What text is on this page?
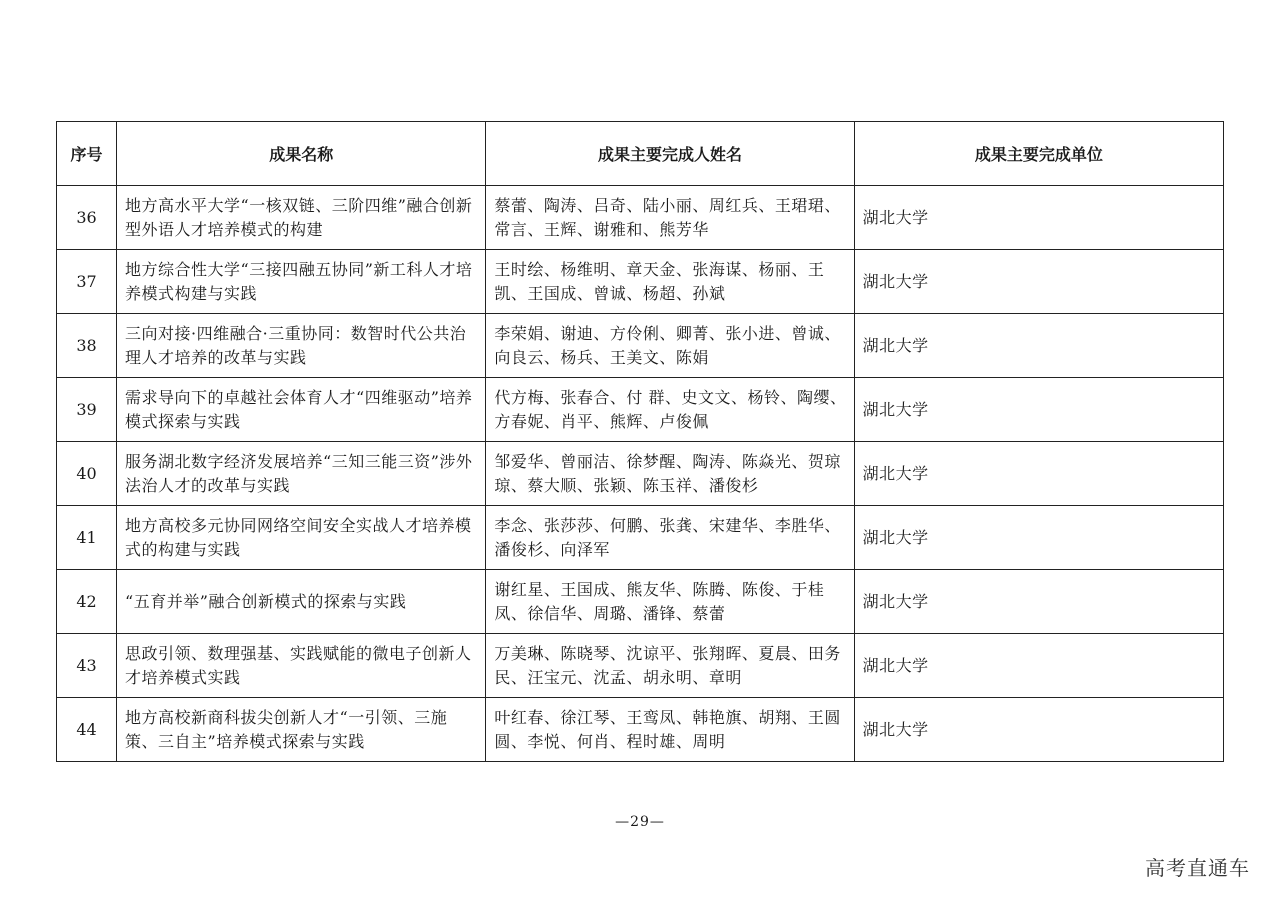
序号	成果名称	成果主要完成人姓名	成果主要完成单位
36	地方高水平大学“一核双链、三阶四维”融合创新型外语人才培养模式的构建	蔡蕾、陶涛、吕奇、陆小丽、周红兵、王珺珺、常言、王辉、谢雅和、熊芳华	湖北大学
37	地方综合性大学“三接四融五协同”新工科人才培养模式构建与实践	王时绘、杨维明、章天金、张海谋、杨丽、王凯、王国成、曾诚、杨超、孙斌	湖北大学
38	三向对接·四维融合·三重协同：数智时代公共治理人才培养的改革与实践	李荣娟、谢迪、方伶俐、卿菁、张小进、曾诚、向良云、杨兵、王美文、陈娟	湖北大学
39	需求导向下的卓越社会体育人才“四维驱动”培养模式探索与实践	代方梅、张春合、付 群、史文文、杨铃、陶缨、方春妮、肖平、熊辉、卢俊佩	湖北大学
40	服务湖北数字经济发展培养“三知三能三资”涉外法治人才的改革与实践	邹爱华、曾丽洁、徐梦醒、陶涛、陈焱光、贺琼琼、蔡大顺、张颖、陈玉祥、潘俊杉	湖北大学
41	地方高校多元协同网络空间安全实战人才培养模式的构建与实践	李念、张莎莎、何鹏、张龚、宋建华、李胜华、潘俊杉、向泽军	湖北大学
42	“五育并举”融合创新模式的探索与实践	谢红星、王国成、熊友华、陈腾、陈俊、于桂凤、徐信华、周璐、潘锋、蔡蕾	湖北大学
43	思政引领、数理强基、实践赋能的微电子创新人才培养模式实践	万美琳、陈晓琴、沈谅平、张翔晖、夏晨、田务民、汪宝元、沈孟、胡永明、章明	湖北大学
44	地方高校新商科拔尖创新人才“一引领、三施策、三自主”培养模式探索与实践	叶红春、徐江琴、王鸾凤、韩艳旗、胡翔、王圆圆、李悦、何肖、程时雄、周明	湖北大学
—29—
高考直通车
